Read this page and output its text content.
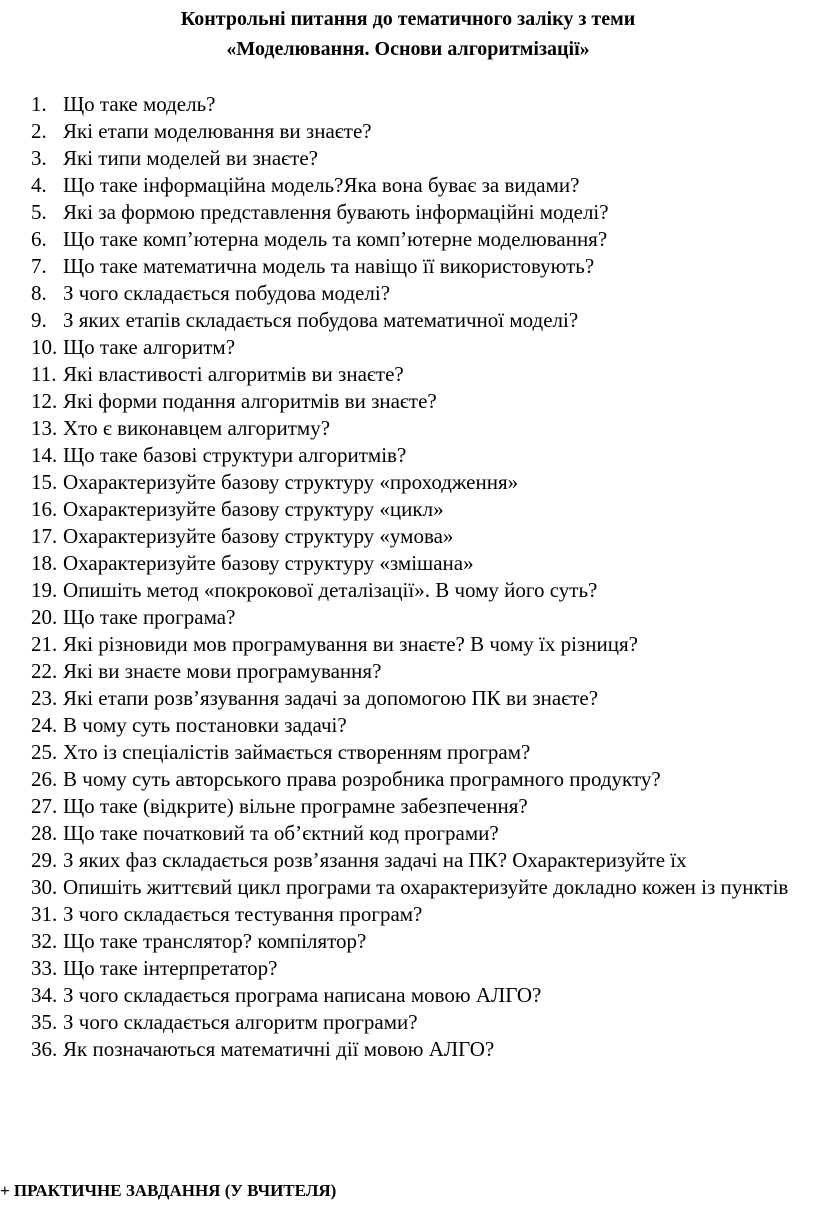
Контрольні питання до тематичного заліку з теми
«Моделювання. Основи алгоритмізації»
1. Що таке модель?
2. Які етапи моделювання ви знаєте?
3. Які типи моделей ви знаєте?
4. Що таке інформаційна модель?Яка вона буває за видами?
5. Які за формою представлення бувають інформаційні моделі?
6. Що таке комп’ютерна модель та комп’ютерне моделювання?
7. Що таке математична модель та навіщо її використовують?
8. З чого складається побудова моделі?
9. З яких етапів складається побудова математичної моделі?
10. Що таке алгоритм?
11. Які властивості алгоритмів ви знаєте?
12. Які форми подання алгоритмів ви знаєте?
13. Хто є виконавцем алгоритму?
14. Що таке базові структури алгоритмів?
15. Охарактеризуйте базову структуру «проходження»
16. Охарактеризуйте базову структуру «цикл»
17. Охарактеризуйте базову структуру «умова»
18. Охарактеризуйте базову структуру «змішана»
19. Опишіть метод «покрокової деталізації». В чому його суть?
20. Що таке програма?
21. Які різновиди мов програмування ви знаєте? В чому їх різниця?
22. Які ви знаєте мови програмування?
23. Які етапи розв’язування задачі за допомогою ПК ви знаєте?
24. В чому суть постановки задачі?
25. Хто із спеціалістів займається створенням програм?
26. В чому суть авторського права розробника програмного продукту?
27. Що таке (відкрите) вільне програмне забезпечення?
28. Що таке початковий та об’єктний код програми?
29. З яких фаз складається розв’язання задачі на ПК? Охарактеризуйте їх
30. Опишіть життєвий цикл програми та охарактеризуйте докладно кожен із пунктів
31. З чого складається тестування програм?
32. Що таке транслятор? компілятор?
33. Що таке інтерпретатор?
34. З чого складається програма написана мовою АЛГО?
35. З чого складається алгоритм програми?
36. Як позначаються математичні дії мовою АЛГО?
+ ПРАКТИЧНЕ ЗАВДАННЯ (У ВЧИТЕЛЯ)
